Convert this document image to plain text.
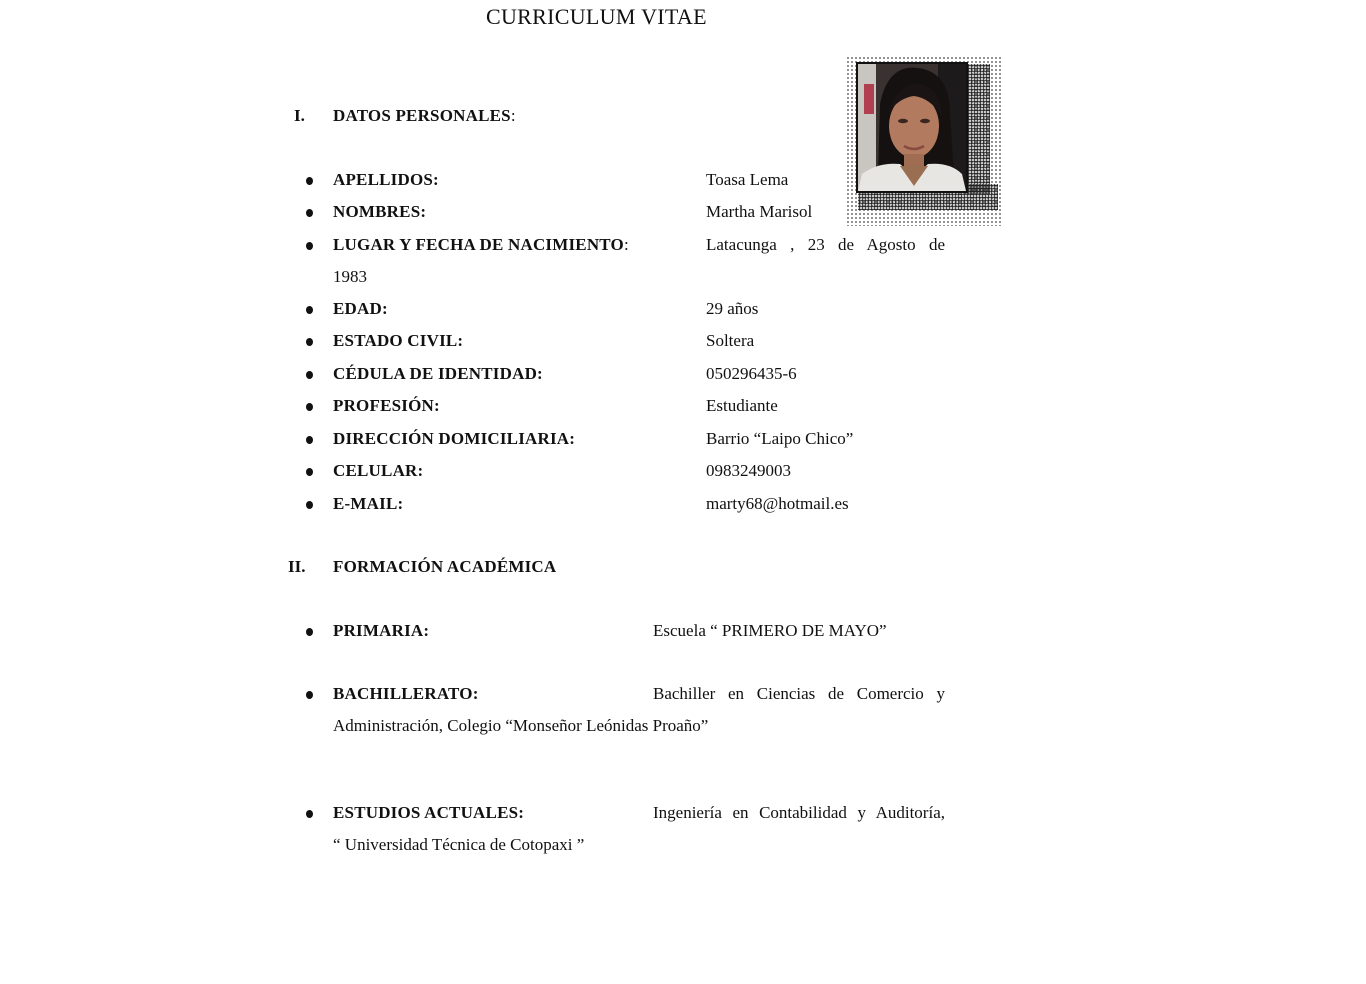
CURRICULUM VITAE
I. DATOS PERSONALES:
APELLIDOS:	Toasa Lema
NOMBRES:	Martha Marisol
LUGAR Y FECHA DE NACIMIENTO:	Latacunga , 23 de Agosto de
1983
EDAD:	29 años
ESTADO CIVIL:	Soltera
CÉDULA DE IDENTIDAD:	050296435-6
PROFESIÓN:	Estudiante
DIRECCIÓN DOMICILIARIA:	Barrio “Laipo Chico”
CELULAR:	0983249003
E-MAIL:	marty68@hotmail.es
II. FORMACIÓN ACADÉMICA
PRIMARIA:	Escuela “ PRIMERO DE MAYO”
BACHILLERATO:	Bachiller en Ciencias de Comercio y
Administración, Colegio “Monseñor Leónidas Proaño”
ESTUDIOS ACTUALES:	Ingeniería en Contabilidad y Auditoría,
“ Universidad Técnica de Cotopaxi ”
